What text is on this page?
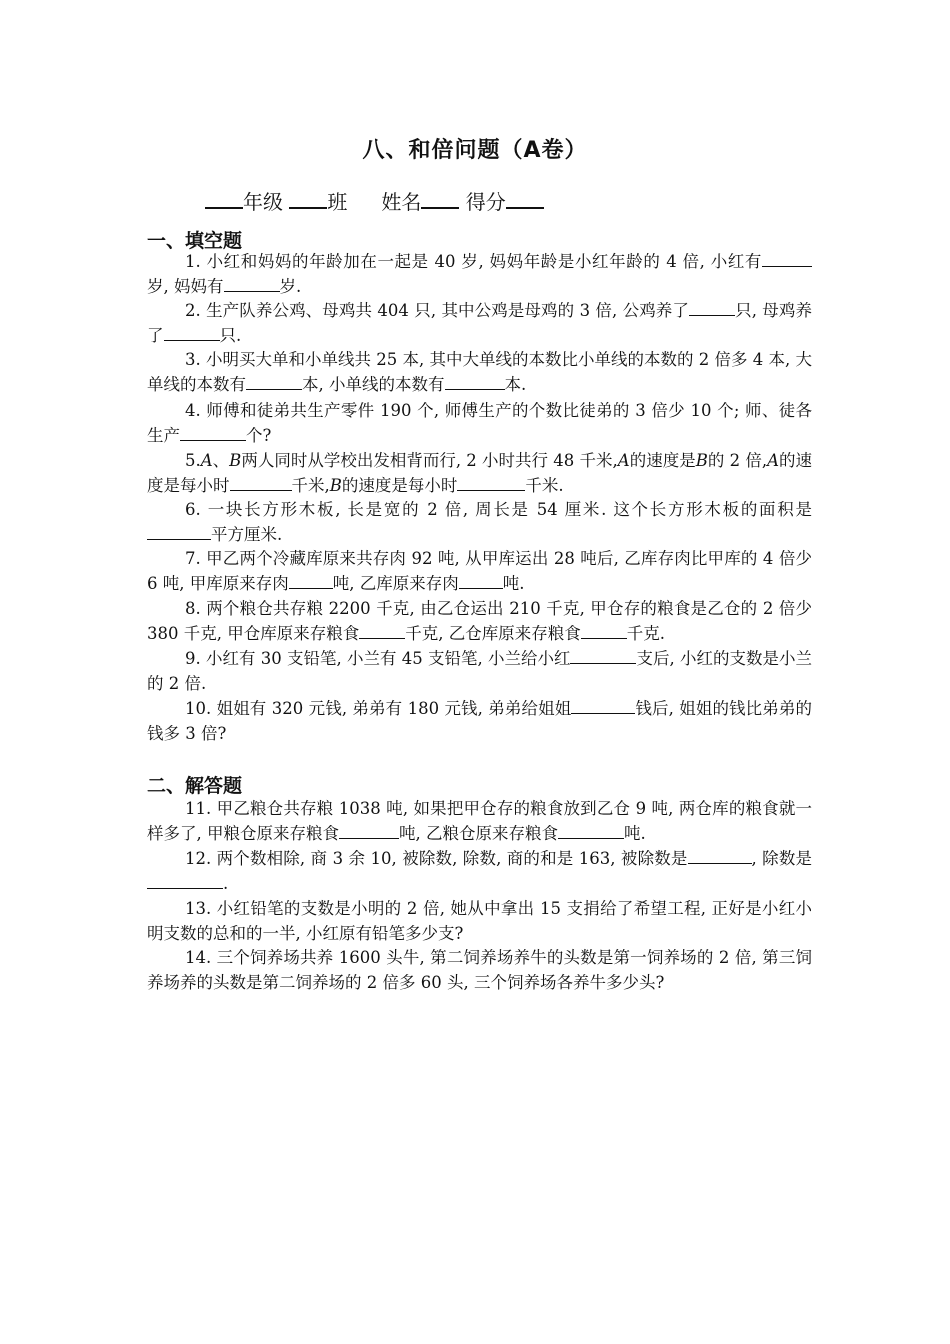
八、和倍问题（A卷）
年级 班 姓名 得分
一、填空题
1. 小红和妈妈的年龄加在一起是 40 岁, 妈妈年龄是小红年龄的 4 倍, 小红有岁, 妈妈有	岁.
2. 生产队养公鸡、母鸡共 404 只, 其中公鸡是母鸡的 3 倍, 公鸡养了	只, 母鸡养了	只.
3. 小明买大单和小单线共 25 本, 其中大单线的本数比小单线的本数的 2 倍多 4 本, 大单线的本数有	本, 小单线的本数有	本.
4. 师傅和徒弟共生产零件 190 个, 师傅生产的个数比徒弟的 3 倍少 10 个; 师、徒各生产	个?
5.A、B两人同时从学校出发相背而行, 2 小时共行 48 千米,A的速度是B的 2 倍,A的速度是每小时	千米,B的速度是每小时	千米.
6. 一块长方形木板, 长是宽的 2 倍, 周长是 54 厘米. 这个长方形木板的面积是平方厘米.
7. 甲乙两个冷藏库原来共存肉 92 吨, 从甲库运出 28 吨后, 乙库存肉比甲库的 4 倍少 6 吨, 甲库原来存肉	吨, 乙库原来存肉	吨.
8. 两个粮仓共存粮 2200 千克, 由乙仓运出 210 千克, 甲仓存的粮食是乙仓的 2 倍少 380 千克, 甲仓库原来存粮食	千克, 乙仓库原来存粮食	千克.
9. 小红有 30 支铅笔, 小兰有 45 支铅笔, 小兰给小红	支后, 小红的支数是小兰的 2 倍.
10. 姐姐有 320 元钱, 弟弟有 180 元钱, 弟弟给姐姐	钱后, 姐姐的钱比弟弟的钱多 3 倍?
二、解答题
11. 甲乙粮仓共存粮 1038 吨, 如果把甲仓存的粮食放到乙仓 9 吨, 两仓库的粮食就一样多了, 甲粮仓原来存粮食	吨, 乙粮仓原来存粮食	吨.
12. 两个数相除, 商 3 余 10, 被除数, 除数, 商的和是 163, 被除数是	, 除数是.
13. 小红铅笔的支数是小明的 2 倍, 她从中拿出 15 支捐给了希望工程, 正好是小红小明支数的总和的一半, 小红原有铅笔多少支?
14. 三个饲养场共养 1600 头牛, 第二饲养场养牛的头数是第一饲养场的 2 倍, 第三饲养场养的头数是第二饲养场的 2 倍多 60 头, 三个饲养场各养牛多少头?
